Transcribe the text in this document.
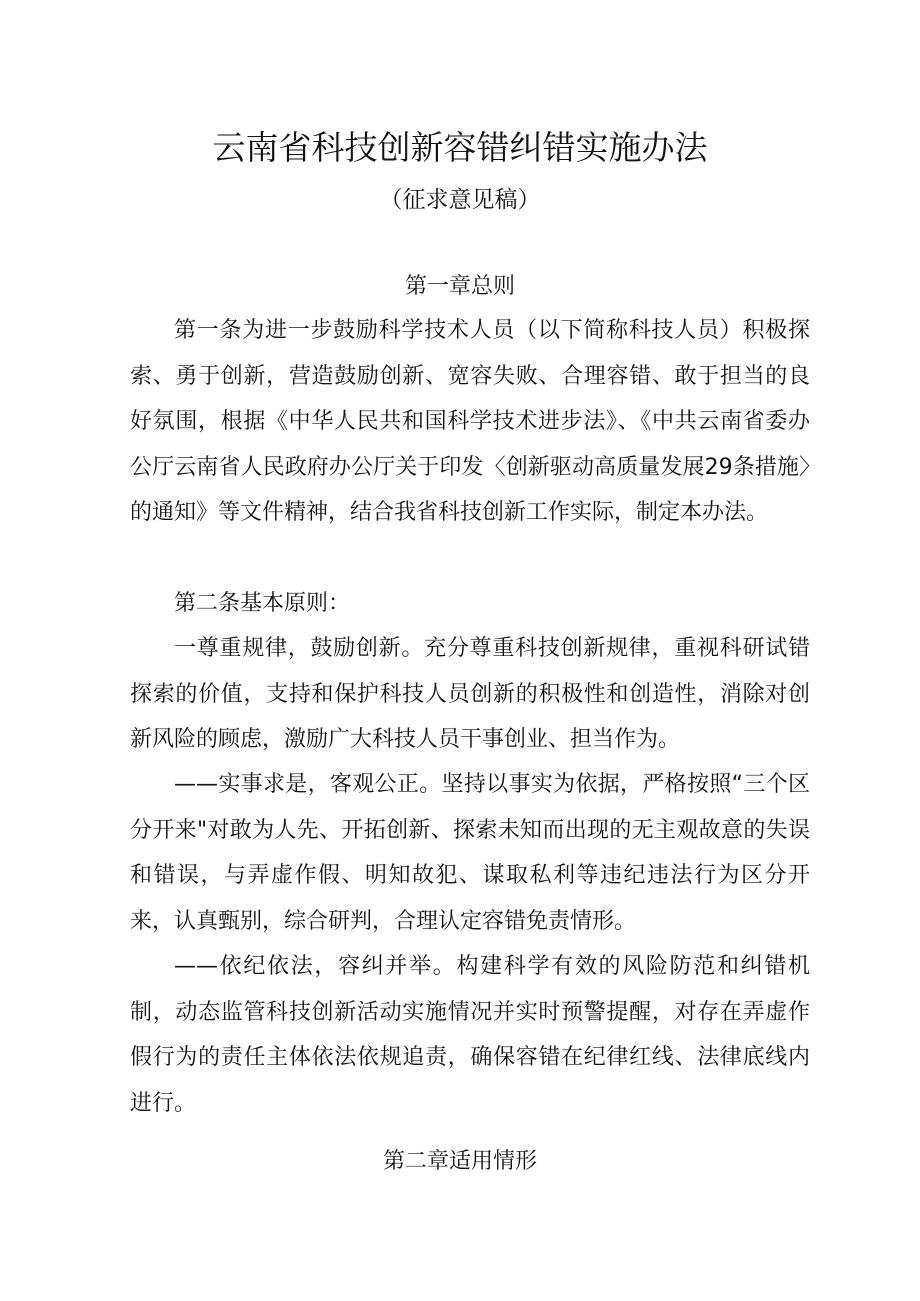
云南省科技创新容错纠错实施办法
（征求意见稿）
第一章总则
第一条为进一步鼓励科学技术人员（以下简称科技人员）积极探索、勇于创新，营造鼓励创新、宽容失败、合理容错、敢于担当的良好氛围，根据《中华人民共和国科学技术进步法》、《中共云南省委办公厅云南省人民政府办公厅关于印发〈创新驱动高质量发展29条措施〉的通知》等文件精神，结合我省科技创新工作实际，制定本办法。
第二条基本原则：
一尊重规律，鼓励创新。充分尊重科技创新规律，重视科研试错探索的价值，支持和保护科技人员创新的积极性和创造性，消除对创新风险的顾虑，激励广大科技人员干事创业、担当作为。
——实事求是，客观公正。坚持以事实为依据，严格按照“三个区分开来"对敢为人先、开拓创新、探索未知而出现的无主观故意的失误和错误，与弄虚作假、明知故犯、谋取私利等违纪违法行为区分开来，认真甄别，综合研判，合理认定容错免责情形。
——依纪依法，容纠并举。构建科学有效的风险防范和纠错机制，动态监管科技创新活动实施情况并实时预警提醒，对存在弄虚作假行为的责任主体依法依规追责，确保容错在纪律红线、法律底线内进行。
第二章适用情形
